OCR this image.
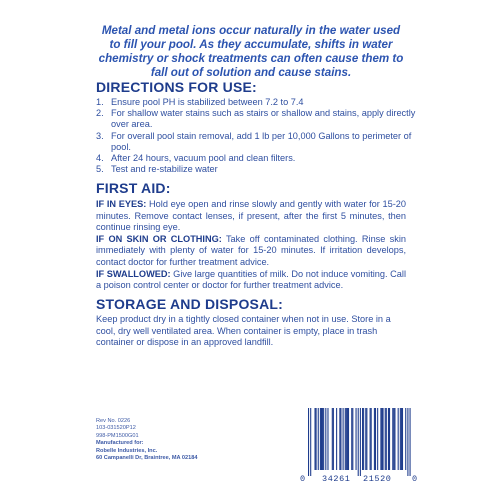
Metal and metal ions occur naturally in the water used to fill your pool. As they accumulate, shifts in water chemistry or shock treatments can often cause them to fall out of solution and cause stains.
DIRECTIONS FOR USE:
1. Ensure pool PH is stabilized between 7.2 to 7.4
2. For shallow water stains such as stairs or shallow and stains, apply directly over area.
3. For overall pool stain removal, add 1 lb per 10,000 Gallons to perimeter of pool.
4. After 24 hours, vacuum pool and clean filters.
5. Test and re-stabilize water
FIRST AID:

IF IN EYES: Hold eye open and rinse slowly and gently with water for 15-20 minutes. Remove contact lenses, if present, after the first 5 minutes, then continue rinsing eye.

IF ON SKIN OR CLOTHING: Take off contaminated clothing. Rinse skin immediately with plenty of water for 15-20 minutes. If irritation develops, contact doctor for further treatment advice.

IF SWALLOWED: Give large quantities of milk. Do not induce vomiting. Call a poison control center or doctor for further treatment advice.

STORAGE AND DISPOSAL:

Keep product dry in a tightly closed container when not in use. Store in a cool, dry well ventilated area. When container is empty, place in trash container or dispose in an approved landfill.

Rev No. 0226
103-031520P12
998-PM1500G01
Manufactured for:
Robelle Industries, Inc.
60 Campanelli Dr, Braintree, MA 02184
0 34261 21520 0
